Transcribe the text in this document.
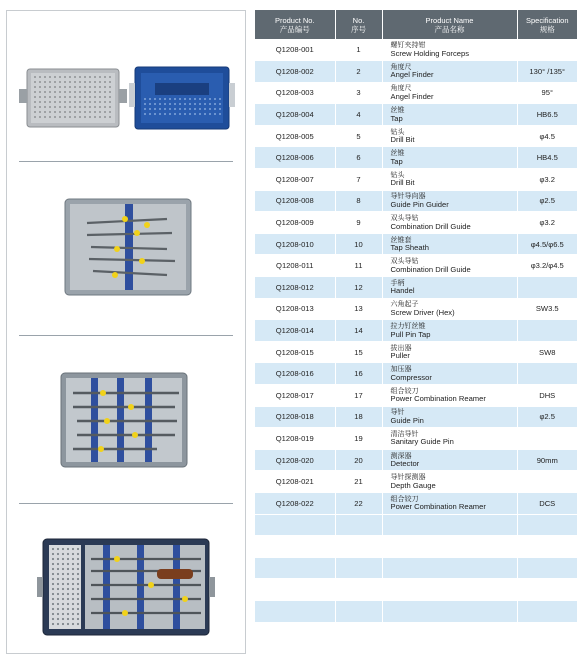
Product No.
产品编号	No.
序号	Product Name
产品名称	Specification
规格
Q1208-001	1	螺钉夹持钳
Screw Holding Forceps	

Q1208-002	2	角度尺
Angel Finder	130° /135°
Q1208-003	3	角度尺
Angel Finder	95°
Q1208-004	4	丝锥
Tap	HB6.5
Q1208-005	5	钻头
Drill Bit	φ4.5
Q1208-006	6	丝锥
Tap	HB4.5
Q1208-007	7	钻头
Drill Bit	φ3.2
Q1208-008	8	导针导向器
Guide Pin Guider	φ2.5
Q1208-009	9	双头导钻
Combination Drill Guide	φ3.2
Q1208-010	10	丝锥套
Tap Sheath	φ4.5/φ6.5
Q1208-011	11	双头导钻
Combination Drill Guide	φ3.2/φ4.5
Q1208-012	12	手柄
Handel	

Q1208-013	13	六角起子
Screw Driver (Hex)	SW3.5
Q1208-014	14	拉力钉丝锥
Pull Pin Tap	

Q1208-015	15	拔出器
Puller	SW8
Q1208-016	16	加压器
Compressor	

Q1208-017	17	组合铰刀
Power Combination Reamer	DHS
Q1208-018	18	导针
Guide Pin	φ2.5
Q1208-019	19	清洁导针
Sanitary Guide Pin	

Q1208-020	20	测深器
Detector	90mm
Q1208-021	21	导针探测器
Depth Gauge	

Q1208-022	22	组合铰刀
Power Combination Reamer	DCS
